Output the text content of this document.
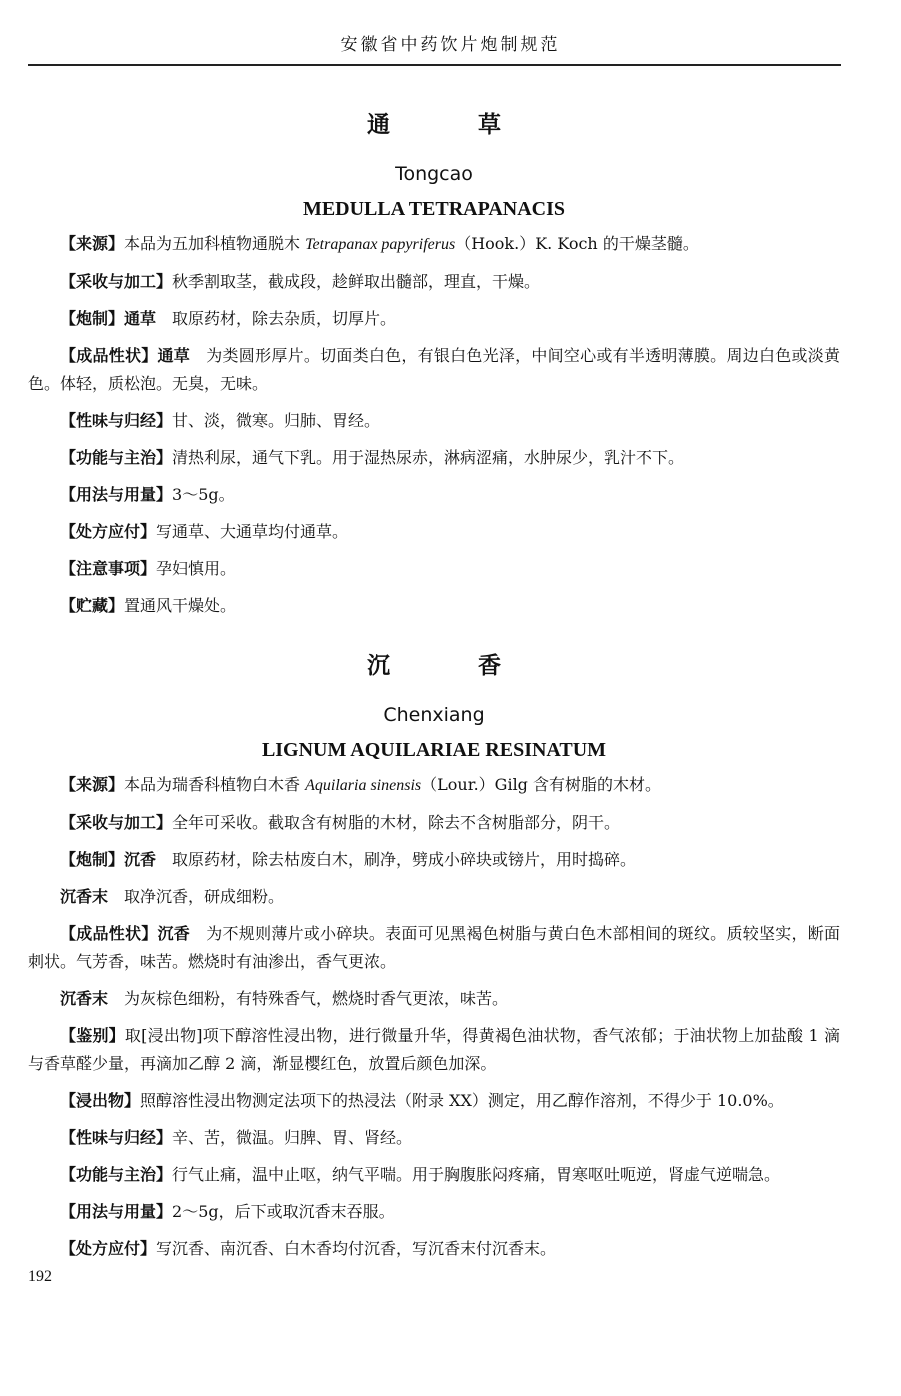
安徽省中药饮片炮制规范
通 草
Tongcao
MEDULLA TETRAPANACIS

【来源】本品为五加科植物通脱木 Tetrapanax papyriferus（Hook.）K. Koch 的干燥茎髓。

【采收与加工】秋季割取茎，截成段，趁鲜取出髓部，理直，干燥。

【炮制】通草　取原药材，除去杂质，切厚片。

【成品性状】通草　为类圆形厚片。切面类白色，有银白色光泽，中间空心或有半透明薄膜。周边白色或淡黄色。体轻，质松泡。无臭，无味。

【性味与归经】甘、淡，微寒。归肺、胃经。

【功能与主治】清热利尿，通气下乳。用于湿热尿赤，淋病涩痛，水肿尿少，乳汁不下。

【用法与用量】3～5g。

【处方应付】写通草、大通草均付通草。

【注意事项】孕妇慎用。

【贮藏】置通风干燥处。

沉 香
Chenxiang
LIGNUM AQUILARIAE RESINATUM

【来源】本品为瑞香科植物白木香 Aquilaria sinensis（Lour.）Gilg 含有树脂的木材。

【采收与加工】全年可采收。截取含有树脂的木材，除去不含树脂部分，阴干。

【炮制】沉香　取原药材，除去枯废白木，刷净，劈成小碎块或镑片，用时捣碎。

沉香末　取净沉香，研成细粉。

【成品性状】沉香　为不规则薄片或小碎块。表面可见黑褐色树脂与黄白色木部相间的斑纹。质较坚实，断面刺状。气芳香，味苦。燃烧时有油渗出，香气更浓。

沉香末　为灰棕色细粉，有特殊香气，燃烧时香气更浓，味苦。

【鉴别】取[浸出物]项下醇溶性浸出物，进行微量升华，得黄褐色油状物，香气浓郁；于油状物上加盐酸 1 滴与香草醛少量，再滴加乙醇 2 滴，渐显樱红色，放置后颜色加深。

【浸出物】照醇溶性浸出物测定法项下的热浸法（附录 XX）测定，用乙醇作溶剂，不得少于 10.0%。

【性味与归经】辛、苦，微温。归脾、胃、肾经。

【功能与主治】行气止痛，温中止呕，纳气平喘。用于胸腹胀闷疼痛，胃寒呕吐呃逆，肾虚气逆喘急。

【用法与用量】2～5g，后下或取沉香末吞服。

【处方应付】写沉香、南沉香、白木香均付沉香，写沉香末付沉香末。

192
